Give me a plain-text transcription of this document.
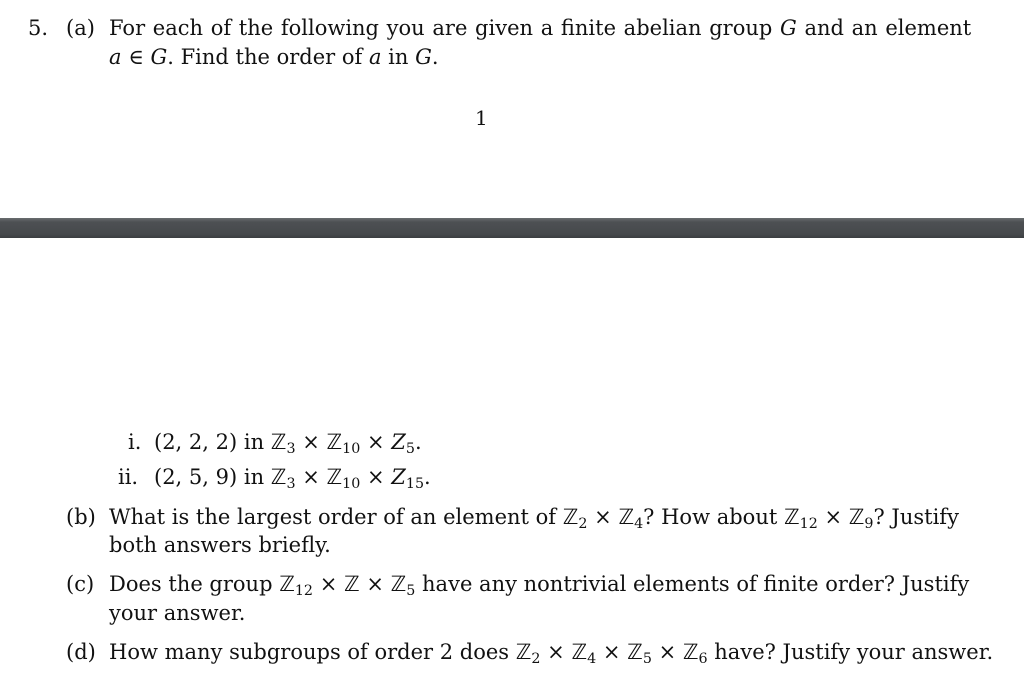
5. (a) For each of the following you are given a finite abelian group G and an element
a ∈ G. Find the order of a in G.
1
i. (2, 2, 2) in ℤ$_3$ × ℤ$_{10}$ × $Z_5$.
ii. (2, 5, 9) in ℤ$_3$ × ℤ$_{10}$ × $Z_{15}$.
(b) What is the largest order of an element of ℤ$_2$ × ℤ$_4$? How about ℤ$_{12}$ × ℤ$_9$? Justify
both answers briefly.
(c) Does the group ℤ$_{12}$ × ℤ × ℤ$_5$ have any nontrivial elements of finite order? Justify
your answer.
(d) How many subgroups of order 2 does ℤ$_2$ × ℤ$_4$ × ℤ$_5$ × ℤ$_6$ have? Justify your answer.
